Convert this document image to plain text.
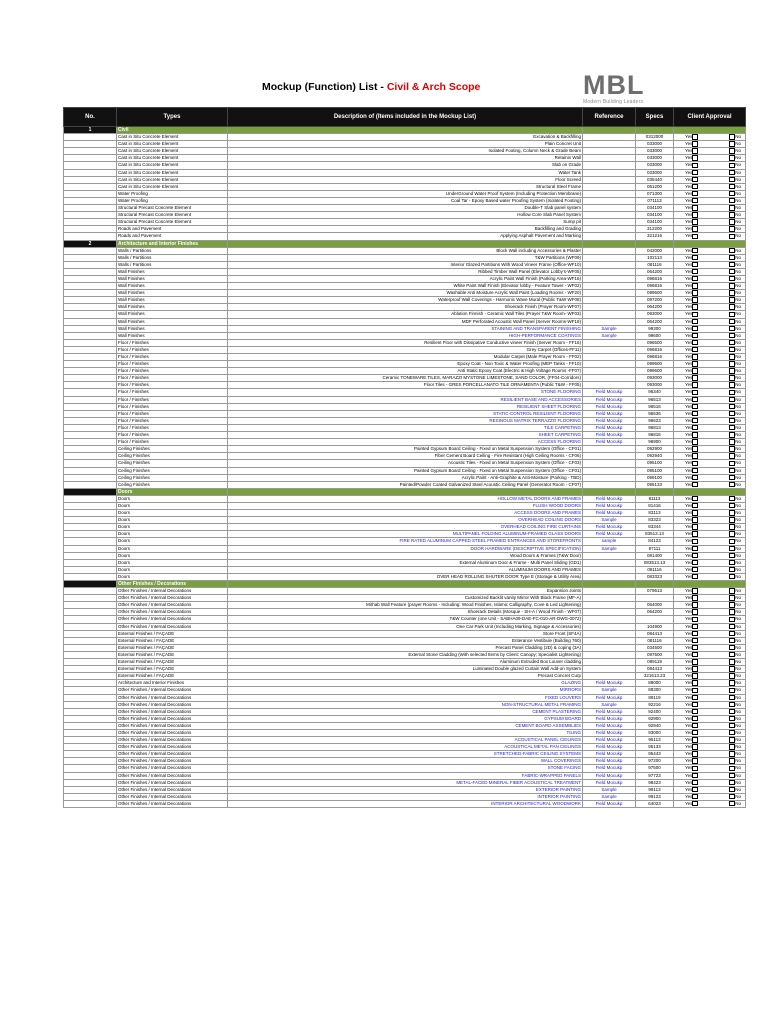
Mockup (Function) List - Civil & Arch Scope	MBL
Modern Building Leaders
No.	Types	Description of (Items included in the Mockup List)	Reference	Specs	Client Approval
1	Civil				
	Cast in Situ Concrete Element	Excavation & Backfilling		0312000	Yes No

	Cast in Situ Concrete Element	Plain Concret Unit		033000	Yes No

	Cast in Situ Concrete Element	Isolated Footing, Column Neck & Grade Beam		033000	Yes No

	Cast in Situ Concrete Element	Retainin Wall		033000	Yes No

	Cast in Situ Concrete Element	Slab on Grade		033000	Yes No

	Cast in Situ Concrete Element	Water Tank		033000	Yes No

	Cast in Situ Concrete Element	Floor Screed		035440	Yes No

	Cast in Situ Concrete Element	Structural Steel Frame		051200	Yes No

	Water Proofing	UnderGround Water Proof System (Including Protection Membrane)		071300	Yes No

	Water Proofing	Coal Tar - Epoxy Based water Proofing System (Isolated Footing)		071113	Yes No

	Structural Precast Concrete Element	Double-T Slab panel system		034100	Yes No

	Structural Precast Concrete Element	Hollow Core Slab Panel System		034100	Yes No

	Structural Precast Concrete Element	Sump pit		034100	Yes No

	Roads and Pavement	Backfilling and Grading		312200	Yes No

	Roads and Pavement	Applying Asphalt Pavement and Marking		321216	Yes No

2	Architecture and Interior Finishes				
	Walls / Partitions	Block Wall including Accessories & Plaster		042000	Yes No

	Walls / Partitions	T&W Partitions (WF09)		102113	Yes No

	Walls / Partitions	Interior Glazed Partitions With Wood Vineer Frame (Office-WF10)		081116	Yes No

	Wall Finishes	Ribbed Timber Wall Panel (Elevator Lobby's-WF05)		064200	Yes No

	Wall Finishes	Acrylic Paint Wall Finish (Parking Area-WF16)		096816	Yes No

	Wall Finishes	White Paint Wall Finish (Elevator lobby - Feature Tower - WF02)		096816	Yes No

	Wall Finishes	Washable Anti Moisture Acrylic Wall Paint (Loading Rooms - WF20)		099600	Yes No

	Wall Finishes	Waterproof Wall Coverings - Harmonic Wave Mural (Public T&W WF08)		097200	Yes No

	Wall Finishes	Shoerack Finish (Prayer Room-WF07)		064200	Yes No

	Wall Finishes	Ablution Finnish - Ceramic Wall Tiles (Prayer T&W Room- WF03)		093000	Yes No

	Wall Finishes	MDF Perforated Acoustic Wall Panel (Server Rooms-WF18)		064200	Yes No

	Wall Finishes	STAINING AND TRANSPARENT FINISHING	Sample	99300	Yes No

	Wall Finishes	HIGH-PERFORMANCE COATINGS	Sample	99600	Yes No

	Floor / Finishes	Resilient Floor with Dissipative Conductive vineer Finish (Server Room - FF16)		096500	Yes No

	Floor / Finishes	Grey Carpet (Offices-FF11)		096816	Yes No

	Floor / Finishes	Modular Carpet (Male Prayer Room - FF02)		096816	Yes No

	Floor / Finishes	Epoxy Coat - Non Toxic & Water Proofing (MEP Tanks - FF10)		099600	Yes No

	Floor / Finishes	Anti Static Epoxy Coat (Electric & High Voltage Rooms -FF07)		099600	Yes No

	Floor / Finishes	Ceramic TONEWARE TILES, MARAZZI MYSTONE LIMESTONE, SAND COLOR, (FF04-Corridors)		093000	Yes No

	Floor / Finishes	Floor Tiles - GRES PORCELLANATO TILE ORNAMENTA (Public T&W - FF05)		093000	Yes No

	Floor / Finishes	STONE FLOORING	Field Mocukp	96340	Yes No

	Floor / Finishes	RESILIENT BASE AND ACCESSORIES	Field Mocukp	96513	Yes No

	Floor / Finishes	RESILIENT SHEET FLOORING	Field Mocukp	96516	Yes No

	Floor / Finishes	STATIC-CONTROL RESILIENT FLOORING	Field Mocukp	96536	Yes No

	Floor / Finishes	RESINOUS MATRIX TERRAZZO FLOORING	Field Mocukp	96623	Yes No

	Floor / Finishes	TILE CARPETING	Field Mocukp	96813	Yes No

	Floor / Finishes	SHEET CARPETING	Field Mocukp	96816	Yes No

	Floor / Finishes	ACCESS FLOORING	Field Mocukp	96900	Yes No

	Ceiling Finishes	Painted Gypsum Board Ceiling - Fixed on Metal Suspension System (Office - CF01)		092900	Yes No

	Ceiling Finishes	Fiber Cement Board Ceiling - Fire Resistant (High Ceiling Rooms - CF06)		092940	Yes No

	Ceiling Finishes	Acoustic Tiles - Fixed on Metal Suspension System (Office - CF03)		095100	Yes No

	Ceiling Finishes	Painted Gypsum Board Ceiling - Fixed on Metal Suspension System (Office - CF01)		095100	Yes No

	Ceiling Finishes	Acrylic Paint - Anti-Graphite & Anti-Moisture (Parking - TBD)		099100	Yes No

	Ceiling Finishes	Painted/Powder Coated Galvanized Steel Acoustic Ceiling Panel (Generator Room - CF07)		095133	Yes No

	Doors				
	Doors	HOLLOW METAL DOORS AND FRAMES	Field Mocukp	81113	Yes No

	Doors	FLUSH WOOD DOORS	Field Mocukp	81416	Yes No

	Doors	ACCESS DOORS AND FRAMES	Field Mocukp	83113	Yes No

	Doors	OVERHEAD COILING DOORS	Sample	83323	Yes No

	Doors	OVERHEAD COILING FIRE CURTAINS	Field Mocukp	83344	Yes No

	Doors	MULTIPANEL FOLDING ALUMINUM-FRAMED GLASS DOORS	Field Mocukp	83513.13	Yes No

	Doors	FIRE RATED ALUMINUM CAPPED STEEL FRAMED ENTRANCES AND STOREFRONTS	sample	84123	Yes No

	Doors	DOOR HARDWARE (DESCRIPTIVE SPECIFICATION)	Sample	87111	Yes No

	Doors	Wood Doors & Frames (T&W Door)		081400	Yes No

	Doors	External Aluminum Door & Frame - Multi Panel Sliding (GD1)		083513.13	Yes No

	Doors	ALUMINUM DOORS AND FRAMES		081116	Yes No

	Doors	OVER HEAD ROLLING SHUTER DOOR Type E (Storage & Utility Area)		083323	Yes No

	Other Finishes / Decorations				
	Other Finishes / Internal Decorations	Expansion Joints		079513	Yes No

	Other Finishes / Internal Decorations	Customized Backlit vanity Mirror With Black Frame (MF-A)			Yes No

	Other Finishes / Internal Decorations	Mirhab Wall Feature (prayer Rooms - Including: Wood Finishes, Islamic Calligraphy, Cove & Led Lightening)		064000	Yes No

	Other Finishes / Internal Decorations	Shoerack Details (Mosque - SH-A / Wood Finish - WF07)		064200	Yes No

	Other Finishes / Internal Decorations	T&W Counter (one Unit - SABHA09-DAE-FC-010-AR-DWG-0072)			Yes No

	Other Finishes / Internal Decorations	One Car Park Unit (Including Marking, Signage & Accessories)		104900	Yes No

	External Finishes / FAÇADE	Store Front (SF4A)		084413	Yes No

	External Finishes / FAÇADE	Enterance Vestibule (Building 760)		081116	Yes No

	External Finishes / FAÇADE	Precast Panel Cladding (2D) & coping (3A)		034500	Yes No

	External Finishes / FAÇADE	External Stone Cladding (With selected Items by Client: Canopy; Specialist Lightening)		097500	Yes No

	External Finishes / FAÇADE	Aluminum Extruded Box Louver cladding		089119	Yes No

	External Finishes / FAÇADE	Luminated Double glazed Curtain Wall Add-on System		084413	Yes No

	External Finishes / FAÇADE	Precast Concret Curp		321613.23	Yes No

	Architecture and Interior Finishes	GLAZING	Field Mocukp	88000	Yes No

	Other Finishes / Internal Decorations	MIRRORS	Sample	88300	Yes No

	Other Finishes / Internal Decorations	FIXED LOUVERS	Field Mocukp	89119	Yes No

	Other Finishes / Internal Decorations	NON-STRUCTURAL METAL FRAMING	Sample	92216	Yes No

	Other Finishes / Internal Decorations	CEMENT PLASTERING	Field Mocukp	92400	Yes No

	Other Finishes / Internal Decorations	GYPSUM BOARD	Field Mocukp	92900	Yes No

	Other Finishes / Internal Decorations	CEMENT BOARD ASSEMBLIES	Field Mocukp	92940	Yes No

	Other Finishes / Internal Decorations	TILING	Field Mocukp	93000	Yes No

	Other Finishes / Internal Decorations	ACOUSTICAL PANEL CEILINGS	Field Mocukp	95113	Yes No

	Other Finishes / Internal Decorations	ACOUSTICAL METAL PAN CEILINGS	Field Mocukp	95133	Yes No

	Other Finishes / Internal Decorations	STRETCHED-FABRIC CEILING SYSTEMS	Field Mocukp	95443	Yes No

	Other Finishes / Internal Decorations	WALL COVERINGS	Field Mocukp	97200	Yes No

	Other Finishes / Internal Decorations	STONE FACING	Field Mocukp	97500	Yes No

	Other Finishes / Internal Decorations	FABRIC-WRAPPED PANELS	Field Mocukp	97723	Yes No

	Other Finishes / Internal Decorations	METAL-FACED MINERAL FIBER ACOUSTICAL TREATMENT	Field Mocukp	98423	Yes No

	Other Finishes / Internal Decorations	EXTERIOR PAINTING	Sample	99113	Yes No

	Other Finishes / Internal Decorations	INTERIOR PAINTING	Sample	99123	Yes No

	Other Finishes / Internal Decorations	INTERIOR ARCHITECTURAL WOODWORK	Field Mocukp	64023	Yes No
